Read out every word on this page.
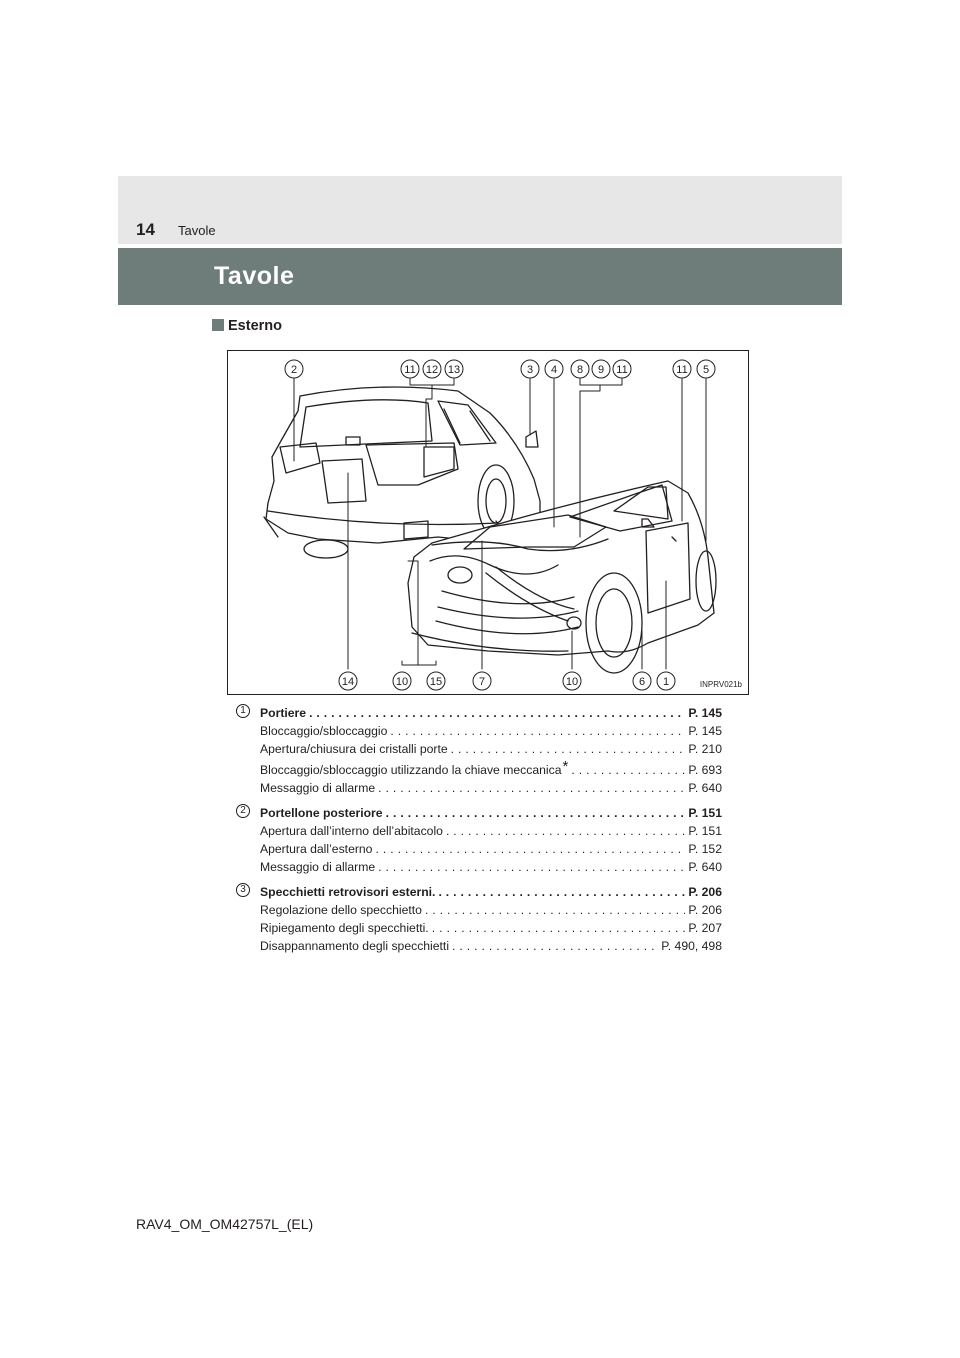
14 Tavole
Tavole
Esterno
2	11 12 13	3 4 8 9 11	11 5
14	10 15	7	10	6 1	INPRV021b
1	Portiere . . .	P. 145
Bloccaggio/sbloccaggio . . .	P. 145
Apertura/chiusura dei cristalli porte . . .	P. 210
Bloccaggio/sbloccaggio utilizzando la chiave meccanica* . . .	P. 693
Messaggio di allarme . . .	P. 640
2	Portellone posteriore . . .	P. 151
Apertura dall’interno dell’abitacolo . . .	P. 151
Apertura dall’esterno . . .	P. 152
Messaggio di allarme . . .	P. 640
3	Specchietti retrovisori esterni. . . .	P. 206
Regolazione dello specchietto . . .	P. 206
Ripiegamento degli specchietti. . . .	P. 207
Disappannamento degli specchietti . . .	P. 490, 498
RAV4_OM_OM42757L_(EL)
